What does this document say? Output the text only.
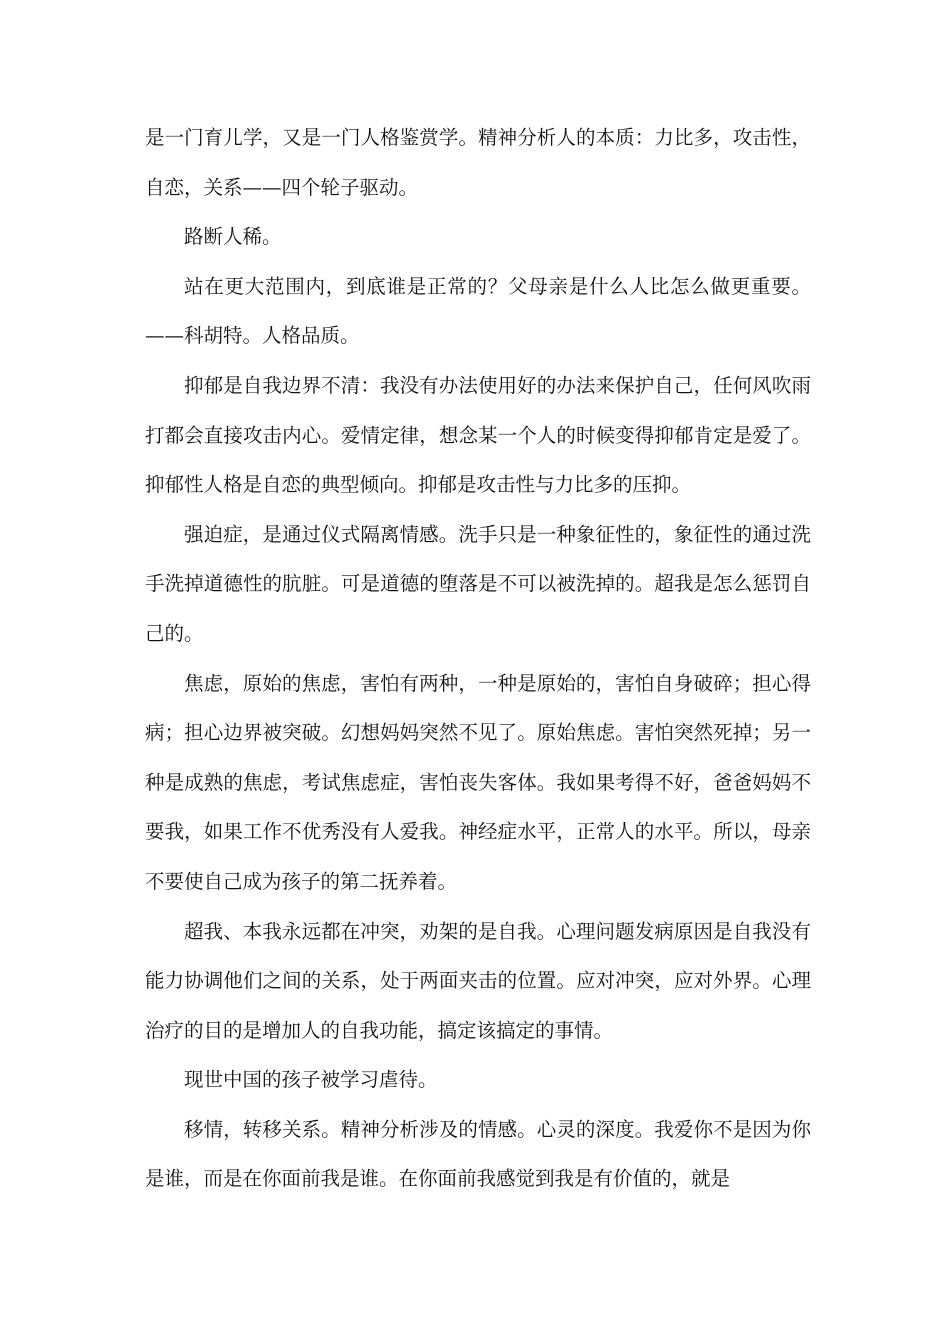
是一门育儿学，又是一门人格鉴赏学。精神分析人的本质：力比多，攻击性，自恋，关系——四个轮子驱动。

路断人稀。

站在更大范围内，到底谁是正常的？父母亲是什么人比怎么做更重要。——科胡特。人格品质。

抑郁是自我边界不清：我没有办法使用好的办法来保护自己，任何风吹雨打都会直接攻击内心。爱情定律，想念某一个人的时候变得抑郁肯定是爱了。抑郁性人格是自恋的典型倾向。抑郁是攻击性与力比多的压抑。

强迫症，是通过仪式隔离情感。洗手只是一种象征性的，象征性的通过洗手洗掉道德性的肮脏。可是道德的堕落是不可以被洗掉的。超我是怎么惩罚自己的。

焦虑，原始的焦虑，害怕有两种，一种是原始的，害怕自身破碎；担心得病；担心边界被突破。幻想妈妈突然不见了。原始焦虑。害怕突然死掉；另一种是成熟的焦虑，考试焦虑症，害怕丧失客体。我如果考得不好，爸爸妈妈不要我，如果工作不优秀没有人爱我。神经症水平，正常人的水平。所以，母亲不要使自己成为孩子的第二抚养着。

超我、本我永远都在冲突，劝架的是自我。心理问题发病原因是自我没有能力协调他们之间的关系，处于两面夹击的位置。应对冲突，应对外界。心理治疗的目的是增加人的自我功能，搞定该搞定的事情。

现世中国的孩子被学习虐待。

移情，转移关系。精神分析涉及的情感。心灵的深度。我爱你不是因为你是谁，而是在你面前我是谁。在你面前我感觉到我是有价值的，就是
